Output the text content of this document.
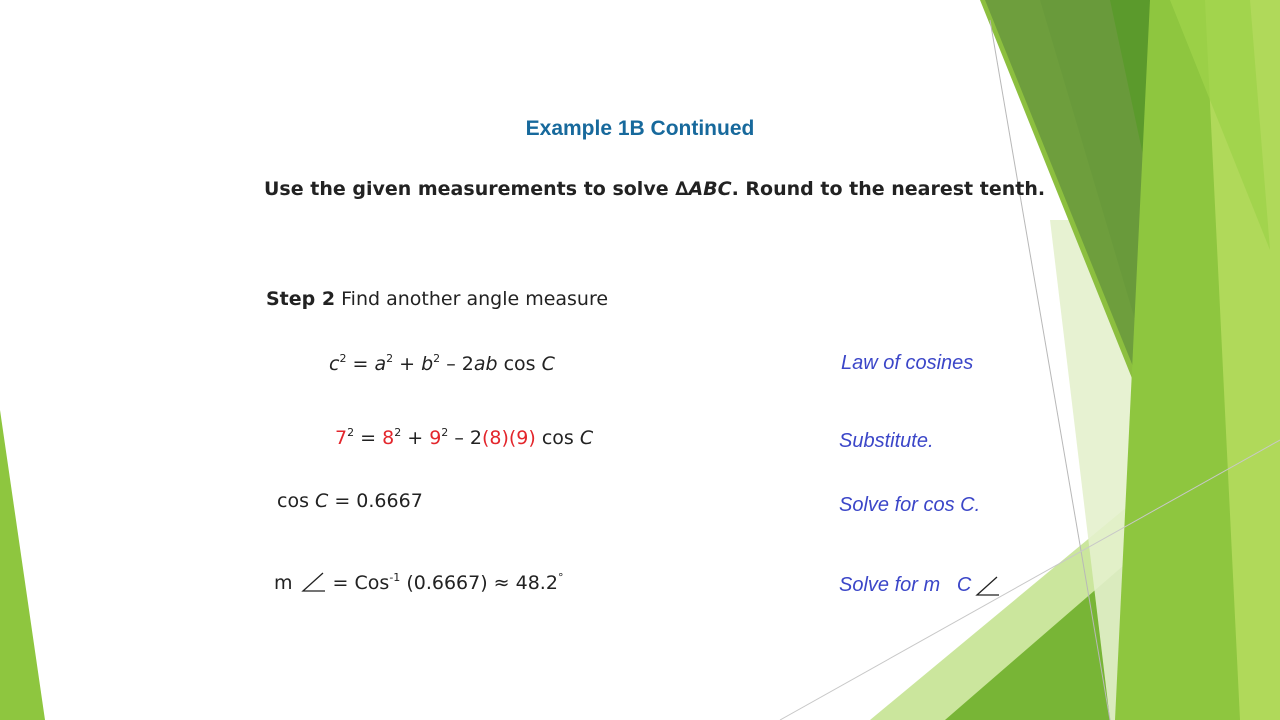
Example 1B Continued
Use the given measurements to solve ∆ABC. Round to the nearest tenth.
Step 2 Find another angle measure
$c^2 = a^2 + b^2 - 2ab$ cos C
$7^2 = 8^2 + 9^2 - 2(8)(9)$ cos C
cos C = 0.6667
m = Cos$^{-1}$ (0.6667) ≈ 48.2°
Law of cosines
Substitute.
Solve for cos C.
Solve for m   C
